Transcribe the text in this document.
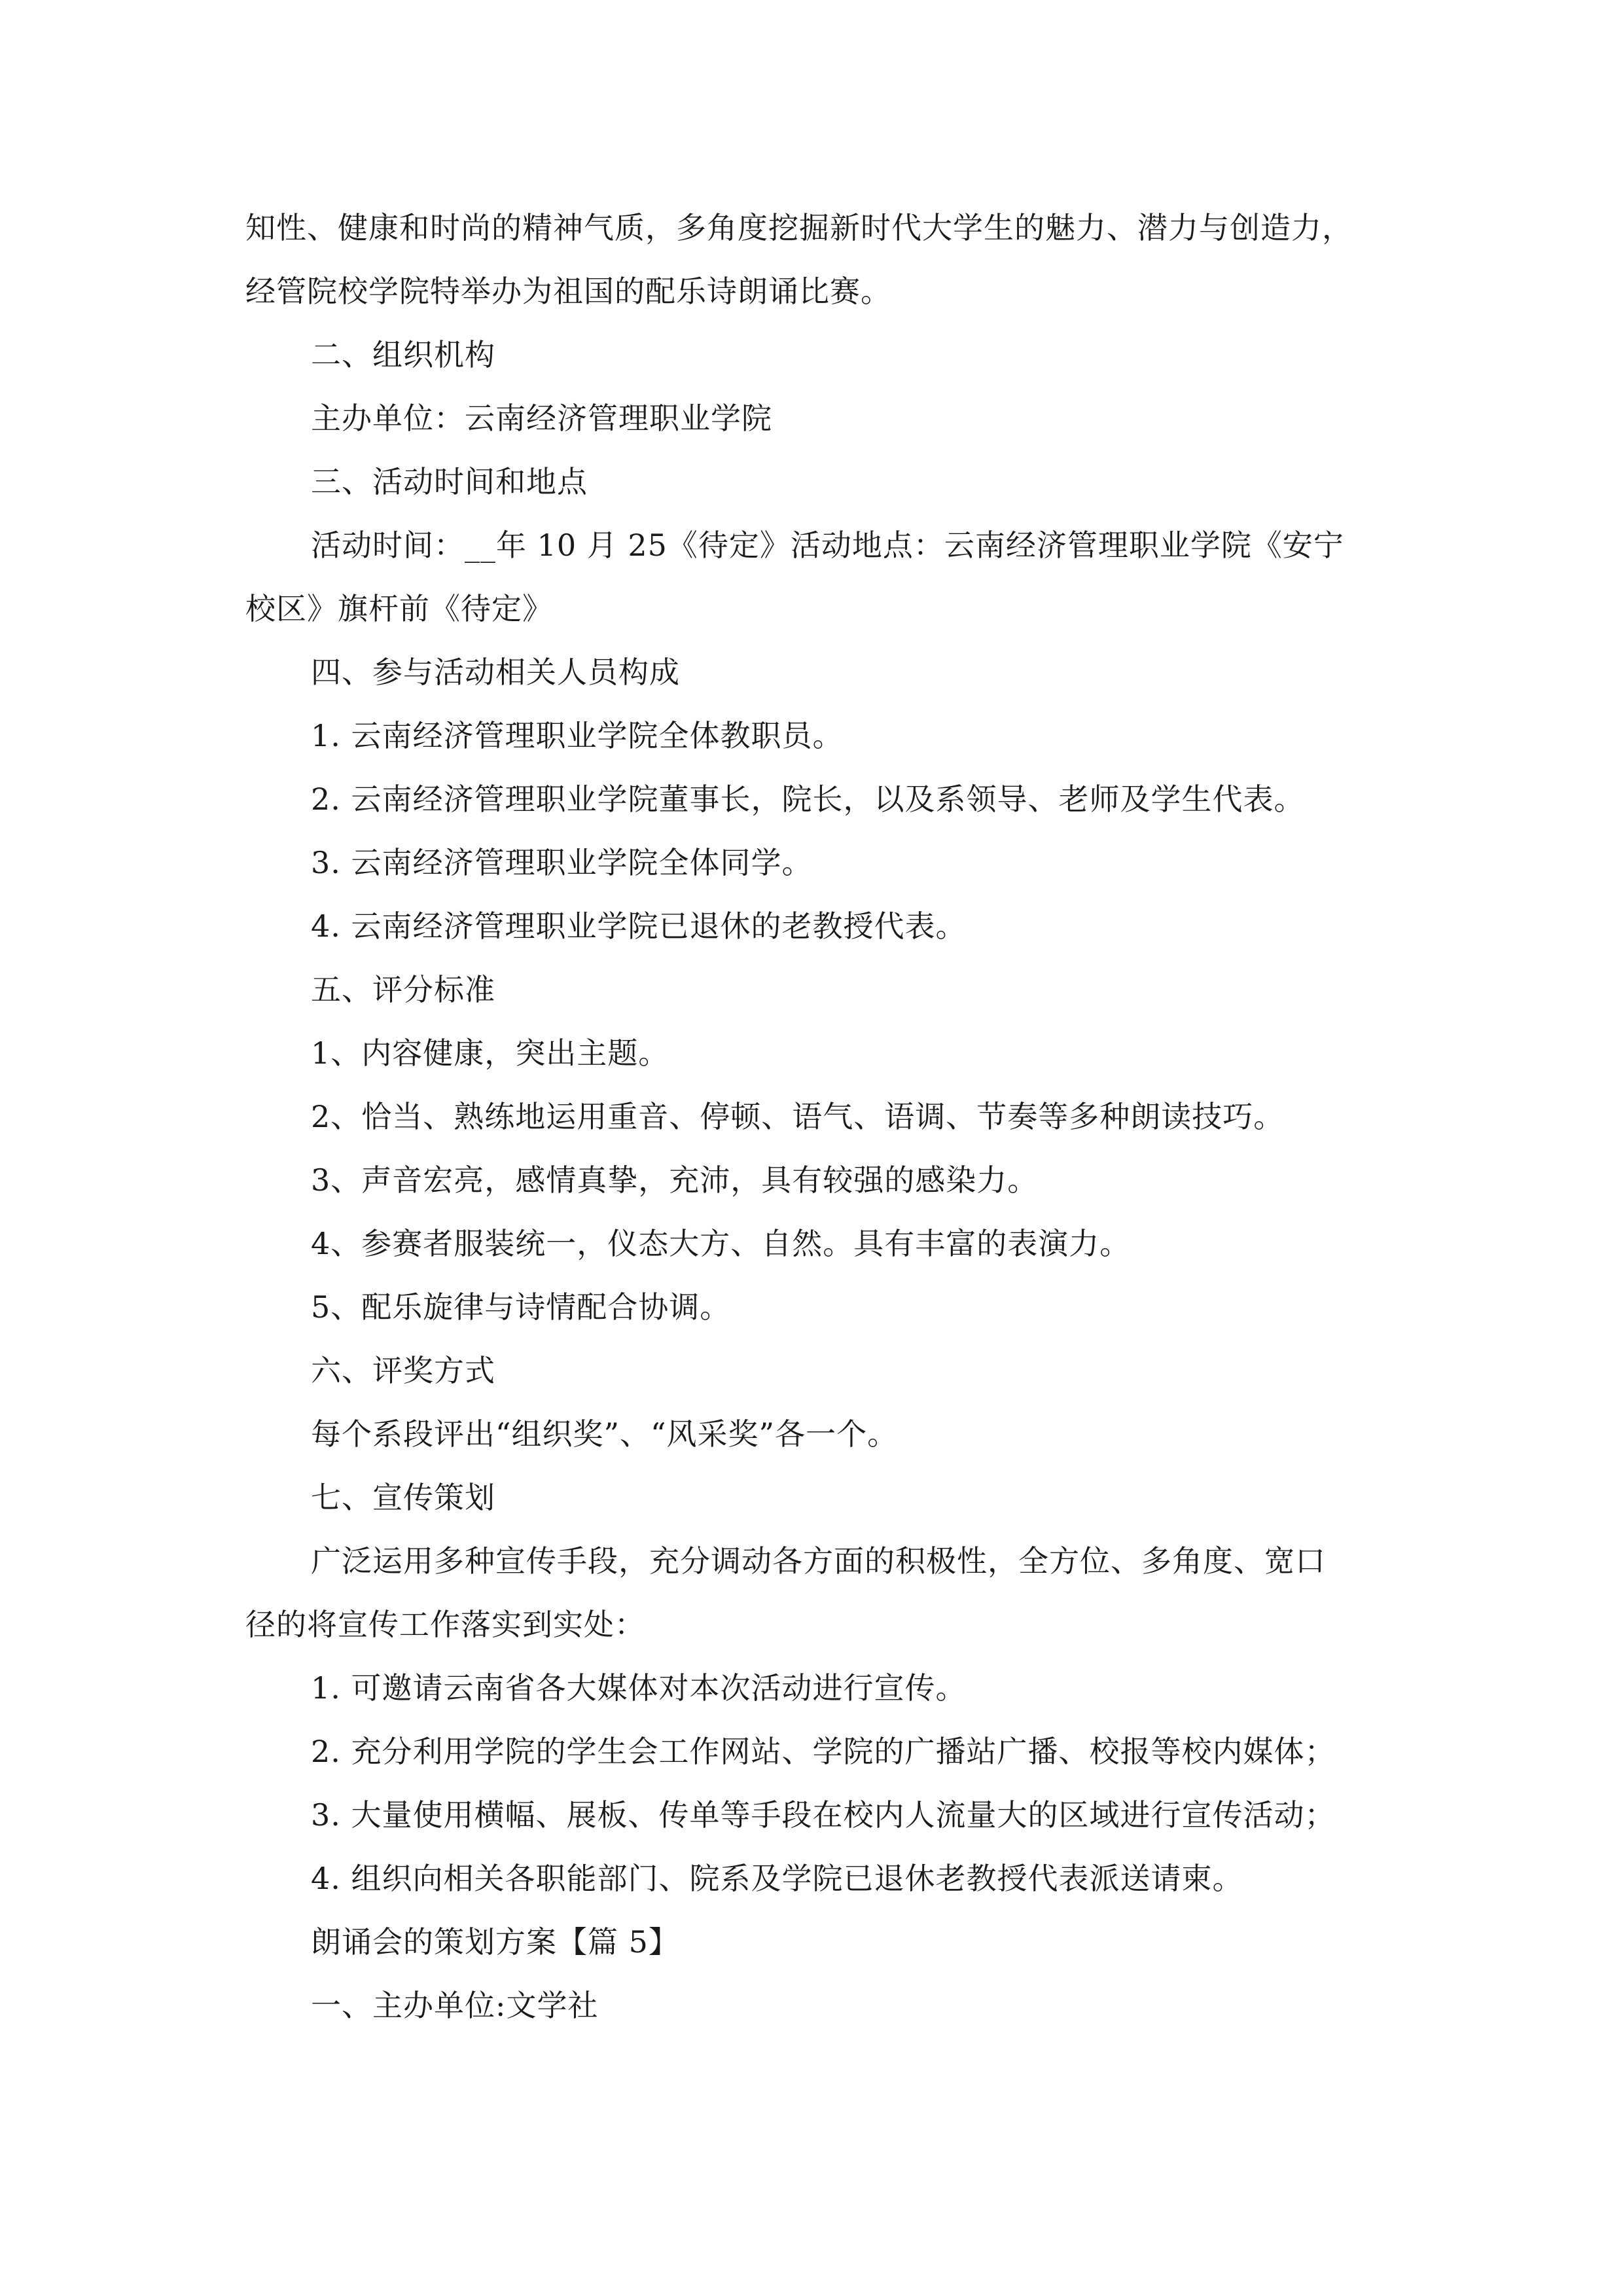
知性、健康和时尚的精神气质，多角度挖掘新时代大学生的魅力、潜力与创造力，
经管院校学院特举办为祖国的配乐诗朗诵比赛。
二、组织机构
主办单位：云南经济管理职业学院
三、活动时间和地点
活动时间：__年 10 月 25《待定》活动地点：云南经济管理职业学院《安宁
校区》旗杆前《待定》
四、参与活动相关人员构成
1. 云南经济管理职业学院全体教职员。
2. 云南经济管理职业学院董事长，院长，以及系领导、老师及学生代表。
3. 云南经济管理职业学院全体同学。
4. 云南经济管理职业学院已退休的老教授代表。
五、评分标准
1、内容健康，突出主题。
2、恰当、熟练地运用重音、停顿、语气、语调、节奏等多种朗读技巧。
3、声音宏亮，感情真挚，充沛，具有较强的感染力。
4、参赛者服装统一，仪态大方、自然。具有丰富的表演力。
5、配乐旋律与诗情配合协调。
六、评奖方式
每个系段评出“组织奖”、“风采奖”各一个。
七、宣传策划
广泛运用多种宣传手段，充分调动各方面的积极性，全方位、多角度、宽口
径的将宣传工作落实到实处：
1. 可邀请云南省各大媒体对本次活动进行宣传。
2. 充分利用学院的学生会工作网站、学院的广播站广播、校报等校内媒体；
3. 大量使用横幅、展板、传单等手段在校内人流量大的区域进行宣传活动；
4. 组织向相关各职能部门、院系及学院已退休老教授代表派送请柬。
朗诵会的策划方案【篇 5】
一、主办单位:文学社
